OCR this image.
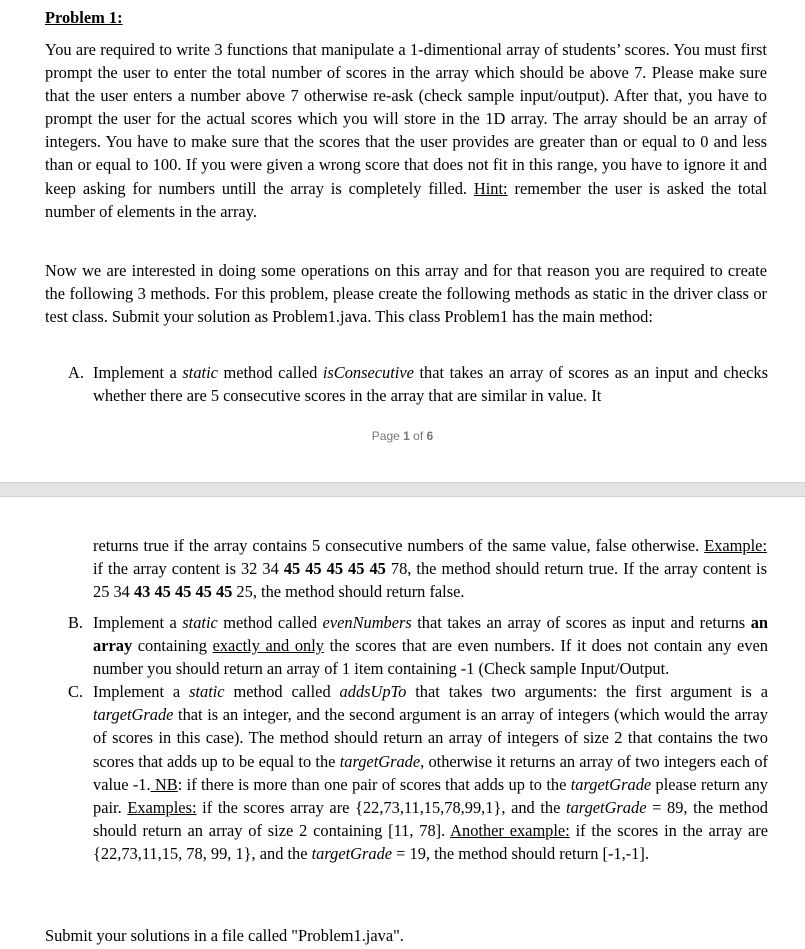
Problem 1:
You are required to write 3 functions that manipulate a 1-dimentional array of students’ scores. You must first prompt the user to enter the total number of scores in the array which should be above 7. Please make sure that the user enters a number above 7 otherwise re-ask (check sample input/output). After that, you have to prompt the user for the actual scores which you will store in the 1D array. The array should be an array of integers. You have to make sure that the scores that the user provides are greater than or equal to 0 and less than or equal to 100. If you were given a wrong score that does not fit in this range, you have to ignore it and keep asking for numbers untill the array is completely filled. Hint: remember the user is asked the total number of elements in the array.
Now we are interested in doing some operations on this array and for that reason you are required to create the following 3 methods. For this problem, please create the following methods as static in the driver class or test class. Submit your solution as Problem1.java. This class Problem1 has the main method:
A. Implement a static method called isConsecutive that takes an array of scores as an input and checks whether there are 5 consecutive scores in the array that are similar in value. It
Page 1 of 6
returns true if the array contains 5 consecutive numbers of the same value, false otherwise. Example: if the array content is 32 34 45 45 45 45 45 78, the method should return true. If the array content is 25 34 43 45 45 45 45 25, the method should return false.
B. Implement a static method called evenNumbers that takes an array of scores as input and returns an array containing exactly and only the scores that are even numbers. If it does not contain any even number you should return an array of 1 item containing -1 (Check sample Input/Output.
C. Implement a static method called addsUpTo that takes two arguments: the first argument is a targetGrade that is an integer, and the second argument is an array of integers (which would the array of scores in this case). The method should return an array of integers of size 2 that contains the two scores that adds up to be equal to the targetGrade, otherwise it returns an array of two integers each of value -1. NB: if there is more than one pair of scores that adds up to the targetGrade please return any pair. Examples: if the scores array are {22,73,11,15,78,99,1}, and the targetGrade = 89, the method should return an array of size 2 containing [11, 78]. Another example: if the scores in the array are {22,73,11,15, 78, 99, 1}, and the targetGrade = 19, the method should return [-1,-1].
Submit your solutions in a file called "Problem1.java".
